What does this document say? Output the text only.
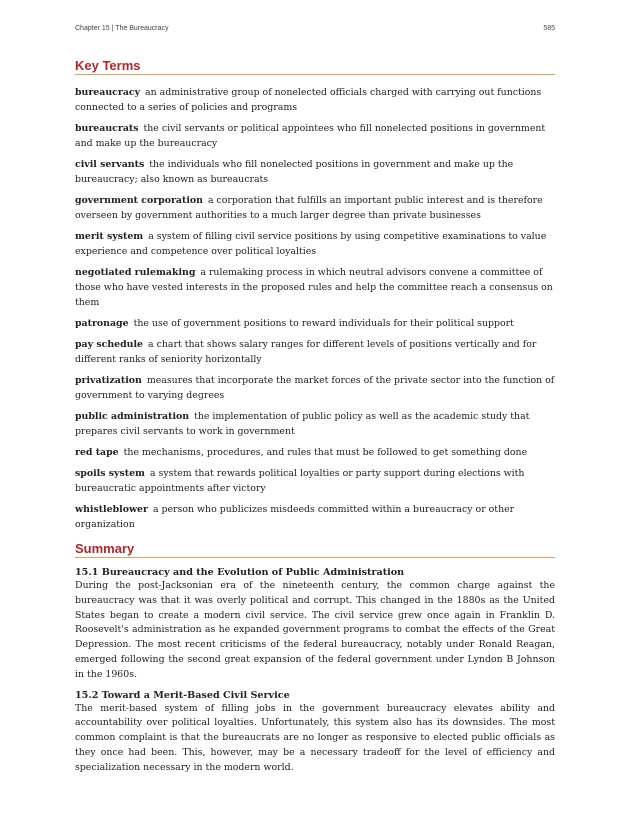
Chapter 15 | The Bureaucracy	585
Key Terms

bureaucracy an administrative group of nonelected officials charged with carrying out functions connected to a series of policies and programs

bureaucrats the civil servants or political appointees who fill nonelected positions in government and make up the bureaucracy

civil servants the individuals who fill nonelected positions in government and make up the bureaucracy; also known as bureaucrats

government corporation a corporation that fulfills an important public interest and is therefore overseen by government authorities to a much larger degree than private businesses

merit system a system of filling civil service positions by using competitive examinations to value experience and competence over political loyalties

negotiated rulemaking a rulemaking process in which neutral advisors convene a committee of those who have vested interests in the proposed rules and help the committee reach a consensus on them

patronage the use of government positions to reward individuals for their political support

pay schedule a chart that shows salary ranges for different levels of positions vertically and for different ranks of seniority horizontally

privatization measures that incorporate the market forces of the private sector into the function of government to varying degrees

public administration the implementation of public policy as well as the academic study that prepares civil servants to work in government

red tape the mechanisms, procedures, and rules that must be followed to get something done

spoils system a system that rewards political loyalties or party support during elections with bureaucratic appointments after victory

whistleblower a person who publicizes misdeeds committed within a bureaucracy or other organization

Summary

15.1 Bureaucracy and the Evolution of Public Administration

During the post-Jacksonian era of the nineteenth century, the common charge against the bureaucracy was that it was overly political and corrupt. This changed in the 1880s as the United States began to create a modern civil service. The civil service grew once again in Franklin D. Roosevelt's administration as he expanded government programs to combat the effects of the Great Depression. The most recent criticisms of the federal bureaucracy, notably under Ronald Reagan, emerged following the second great expansion of the federal government under Lyndon B Johnson in the 1960s.

15.2 Toward a Merit-Based Civil Service

The merit-based system of filling jobs in the government bureaucracy elevates ability and accountability over political loyalties. Unfortunately, this system also has its downsides. The most common complaint is that the bureaucrats are no longer as responsive to elected public officials as they once had been. This, however, may be a necessary tradeoff for the level of efficiency and specialization necessary in the modern world.
